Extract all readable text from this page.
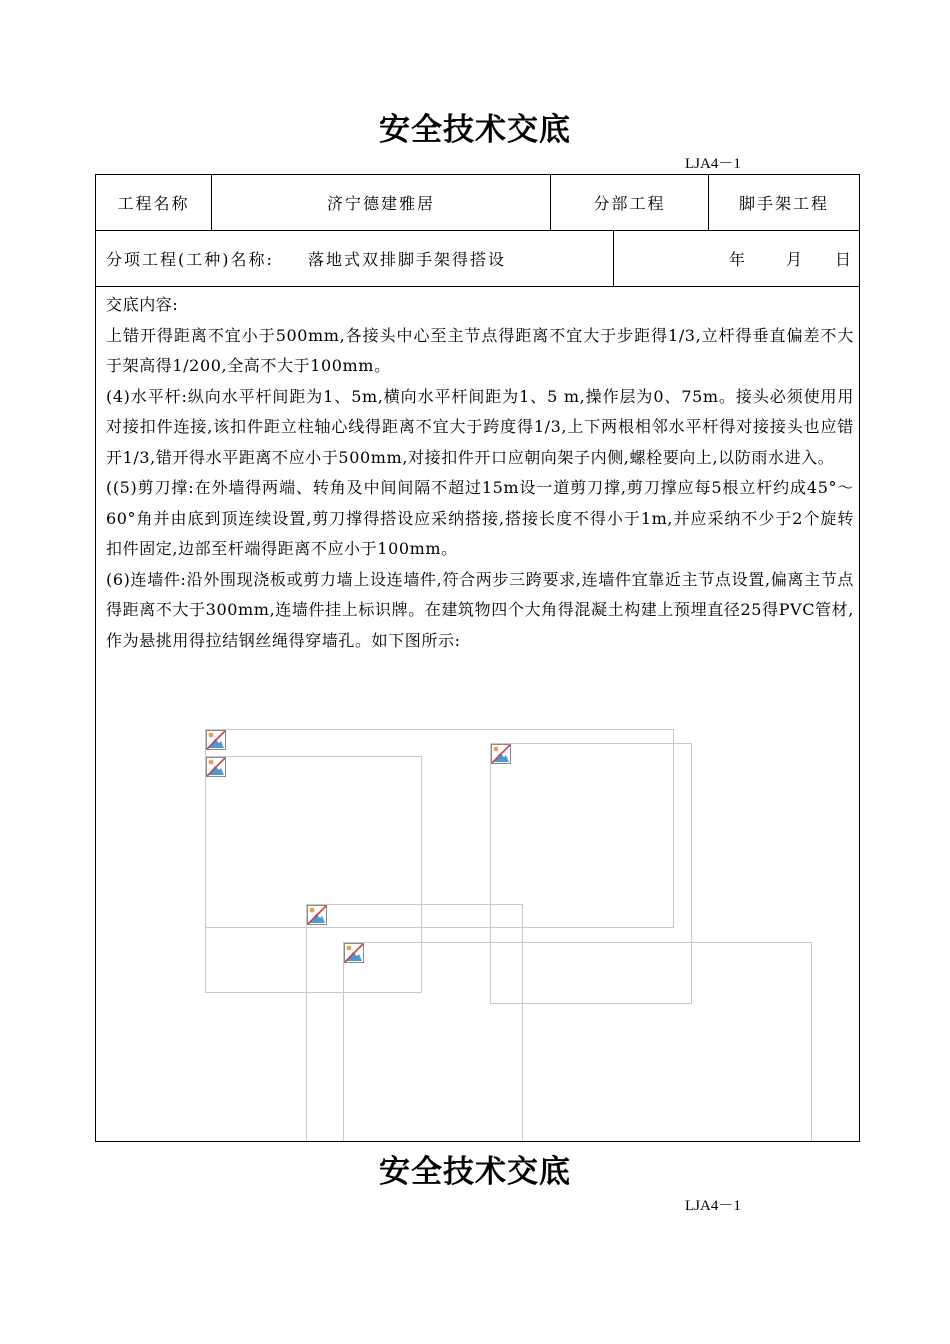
安全技术交底
LJA4－1
工程名称	济宁德建雅居	分部工程	脚手架工程
分项工程(工种)名称:	落地式双排脚手架得搭设	年 月 日

交底内容:

上错开得距离不宜小于500mm,各接头中心至主节点得距离不宜大于步距得1/3,立杆得垂直偏差不大于架高得1/200,全高不大于100mm。

(4)水平杆:纵向水平杆间距为1、5m,横向水平杆间距为1、5 m,操作层为0、75m。接头必须使用用对接扣件连接,该扣件距立柱轴心线得距离不宜大于跨度得1/3,上下两根相邻水平杆得对接接头也应错开1/3,错开得水平距离不应小于500mm,对接扣件开口应朝向架子内侧,螺栓要向上,以防雨水进入。

((5)剪刀撑:在外墙得两端、转角及中间间隔不超过15m设一道剪刀撑,剪刀撑应每5根立杆约成45°～60°角并由底到顶连续设置,剪刀撑得搭设应采纳搭接,搭接长度不得小于1m,并应采纳不少于2个旋转扣件固定,边部至杆端得距离不应小于100mm。

(6)连墙件:沿外围现浇板或剪力墙上设连墙件,符合两步三跨要求,连墙件宜靠近主节点设置,偏离主节点得距离不大于300mm,连墙件挂上标识牌。在建筑物四个大角得混凝土构建上预埋直径25得PVC管材,作为悬挑用得拉结钢丝绳得穿墙孔。如下图所示:

安全技术交底
LJA4－1
